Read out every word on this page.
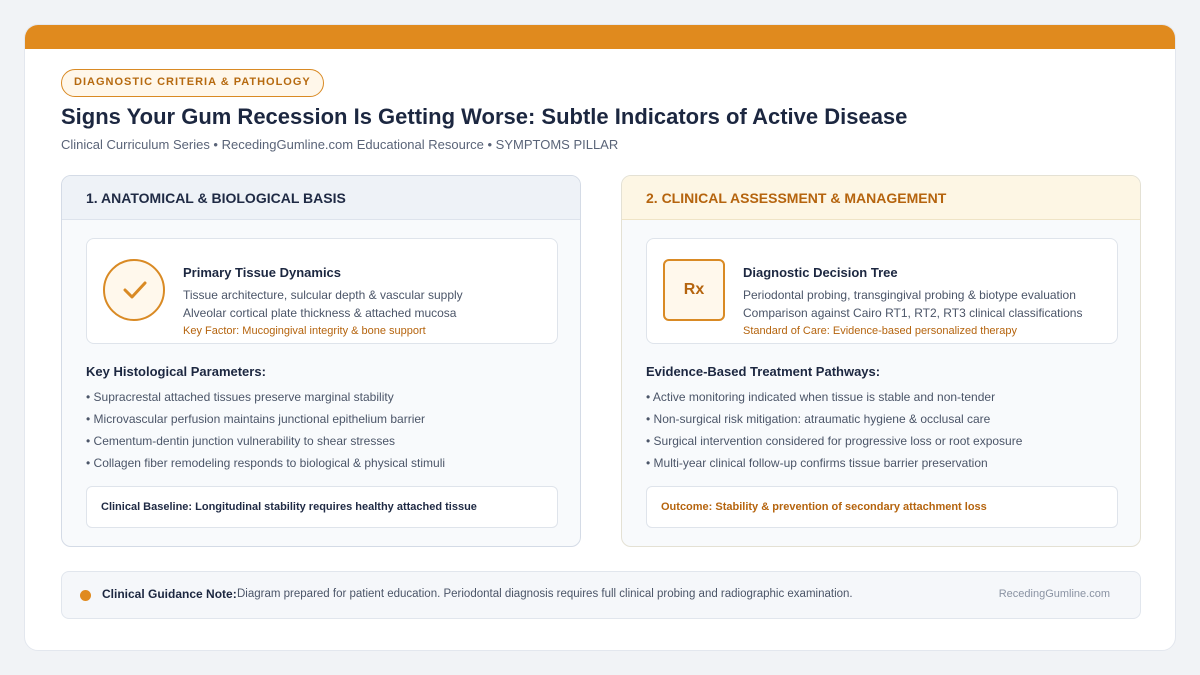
DIAGNOSTIC CRITERIA & PATHOLOGY
Signs Your Gum Recession Is Getting Worse: Subtle Indicators of Active Disease
Clinical Curriculum Series • RecedingGumline.com Educational Resource • SYMPTOMS PILLAR
1. ANATOMICAL & BIOLOGICAL BASIS
Primary Tissue Dynamics
Tissue architecture, sulcular depth & vascular supply
Alveolar cortical plate thickness & attached mucosa
Key Factor: Mucogingival integrity & bone support
Key Histological Parameters:
• Supracrestal attached tissues preserve marginal stability
• Microvascular perfusion maintains junctional epithelium barrier
• Cementum-dentin junction vulnerability to shear stresses
• Collagen fiber remodeling responds to biological & physical stimuli
Clinical Baseline: Longitudinal stability requires healthy attached tissue
2. CLINICAL ASSESSMENT & MANAGEMENT
Rx
Diagnostic Decision Tree
Periodontal probing, transgingival probing & biotype evaluation
Comparison against Cairo RT1, RT2, RT3 clinical classifications
Standard of Care: Evidence-based personalized therapy
Evidence-Based Treatment Pathways:
• Active monitoring indicated when tissue is stable and non-tender
• Non-surgical risk mitigation: atraumatic hygiene & occlusal care
• Surgical intervention considered for progressive loss or root exposure
• Multi-year clinical follow-up confirms tissue barrier preservation
Outcome: Stability & prevention of secondary attachment loss
Clinical Guidance Note: Diagram prepared for patient education. Periodontal diagnosis requires full clinical probing and radiographic examination.	RecedingGumline.com
